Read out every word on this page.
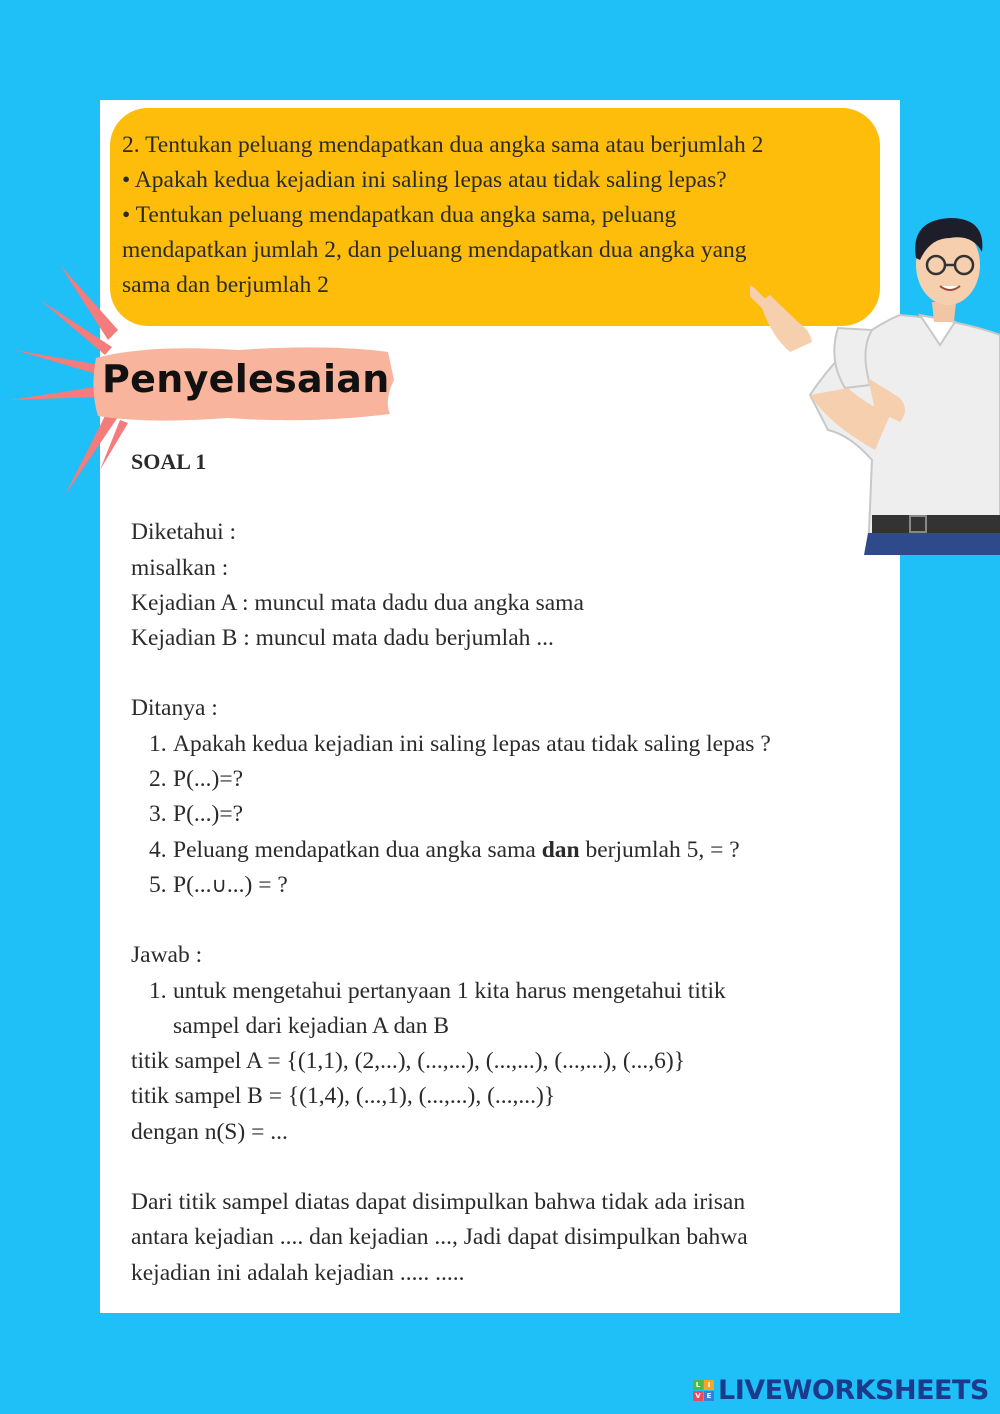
Penyelesaian

2. Tentukan peluang mendapatkan dua angka sama atau berjumlah 2

• Apakah kedua kejadian ini saling lepas atau tidak saling lepas?

• Tentukan peluang mendapatkan dua angka sama, peluang

mendapatkan jumlah 2, dan peluang mendapatkan dua angka yang

sama dan berjumlah 2

SOAL 1
Diketahui :
misalkan :
Kejadian A : muncul mata dadu dua angka sama
Kejadian B : muncul mata dadu berjumlah ...
Ditanya :
1. Apakah kedua kejadian ini saling lepas atau tidak saling lepas ?
2. P(...)=?
3. P(...)=?
4. Peluang mendapatkan dua angka sama dan berjumlah 5, = ?
5. P(...∪...) = ?
Jawab :
1. untuk mengetahui pertanyaan 1 kita harus mengetahui titik
sampel dari kejadian A dan B
titik sampel A = {(1,1), (2,...), (...,...), (...,...), (...,...), (...,6)}
titik sampel B = {(1,4), (...,1), (...,...), (...,...)}
dengan n(S) = ...
Dari titik sampel diatas dapat disimpulkan bahwa tidak ada irisan
antara kejadian .... dan kejadian ..., Jadi dapat disimpulkan bahwa
kejadian ini adalah kejadian ..... .....
L	I
V E LIVEWORKSHEETS
